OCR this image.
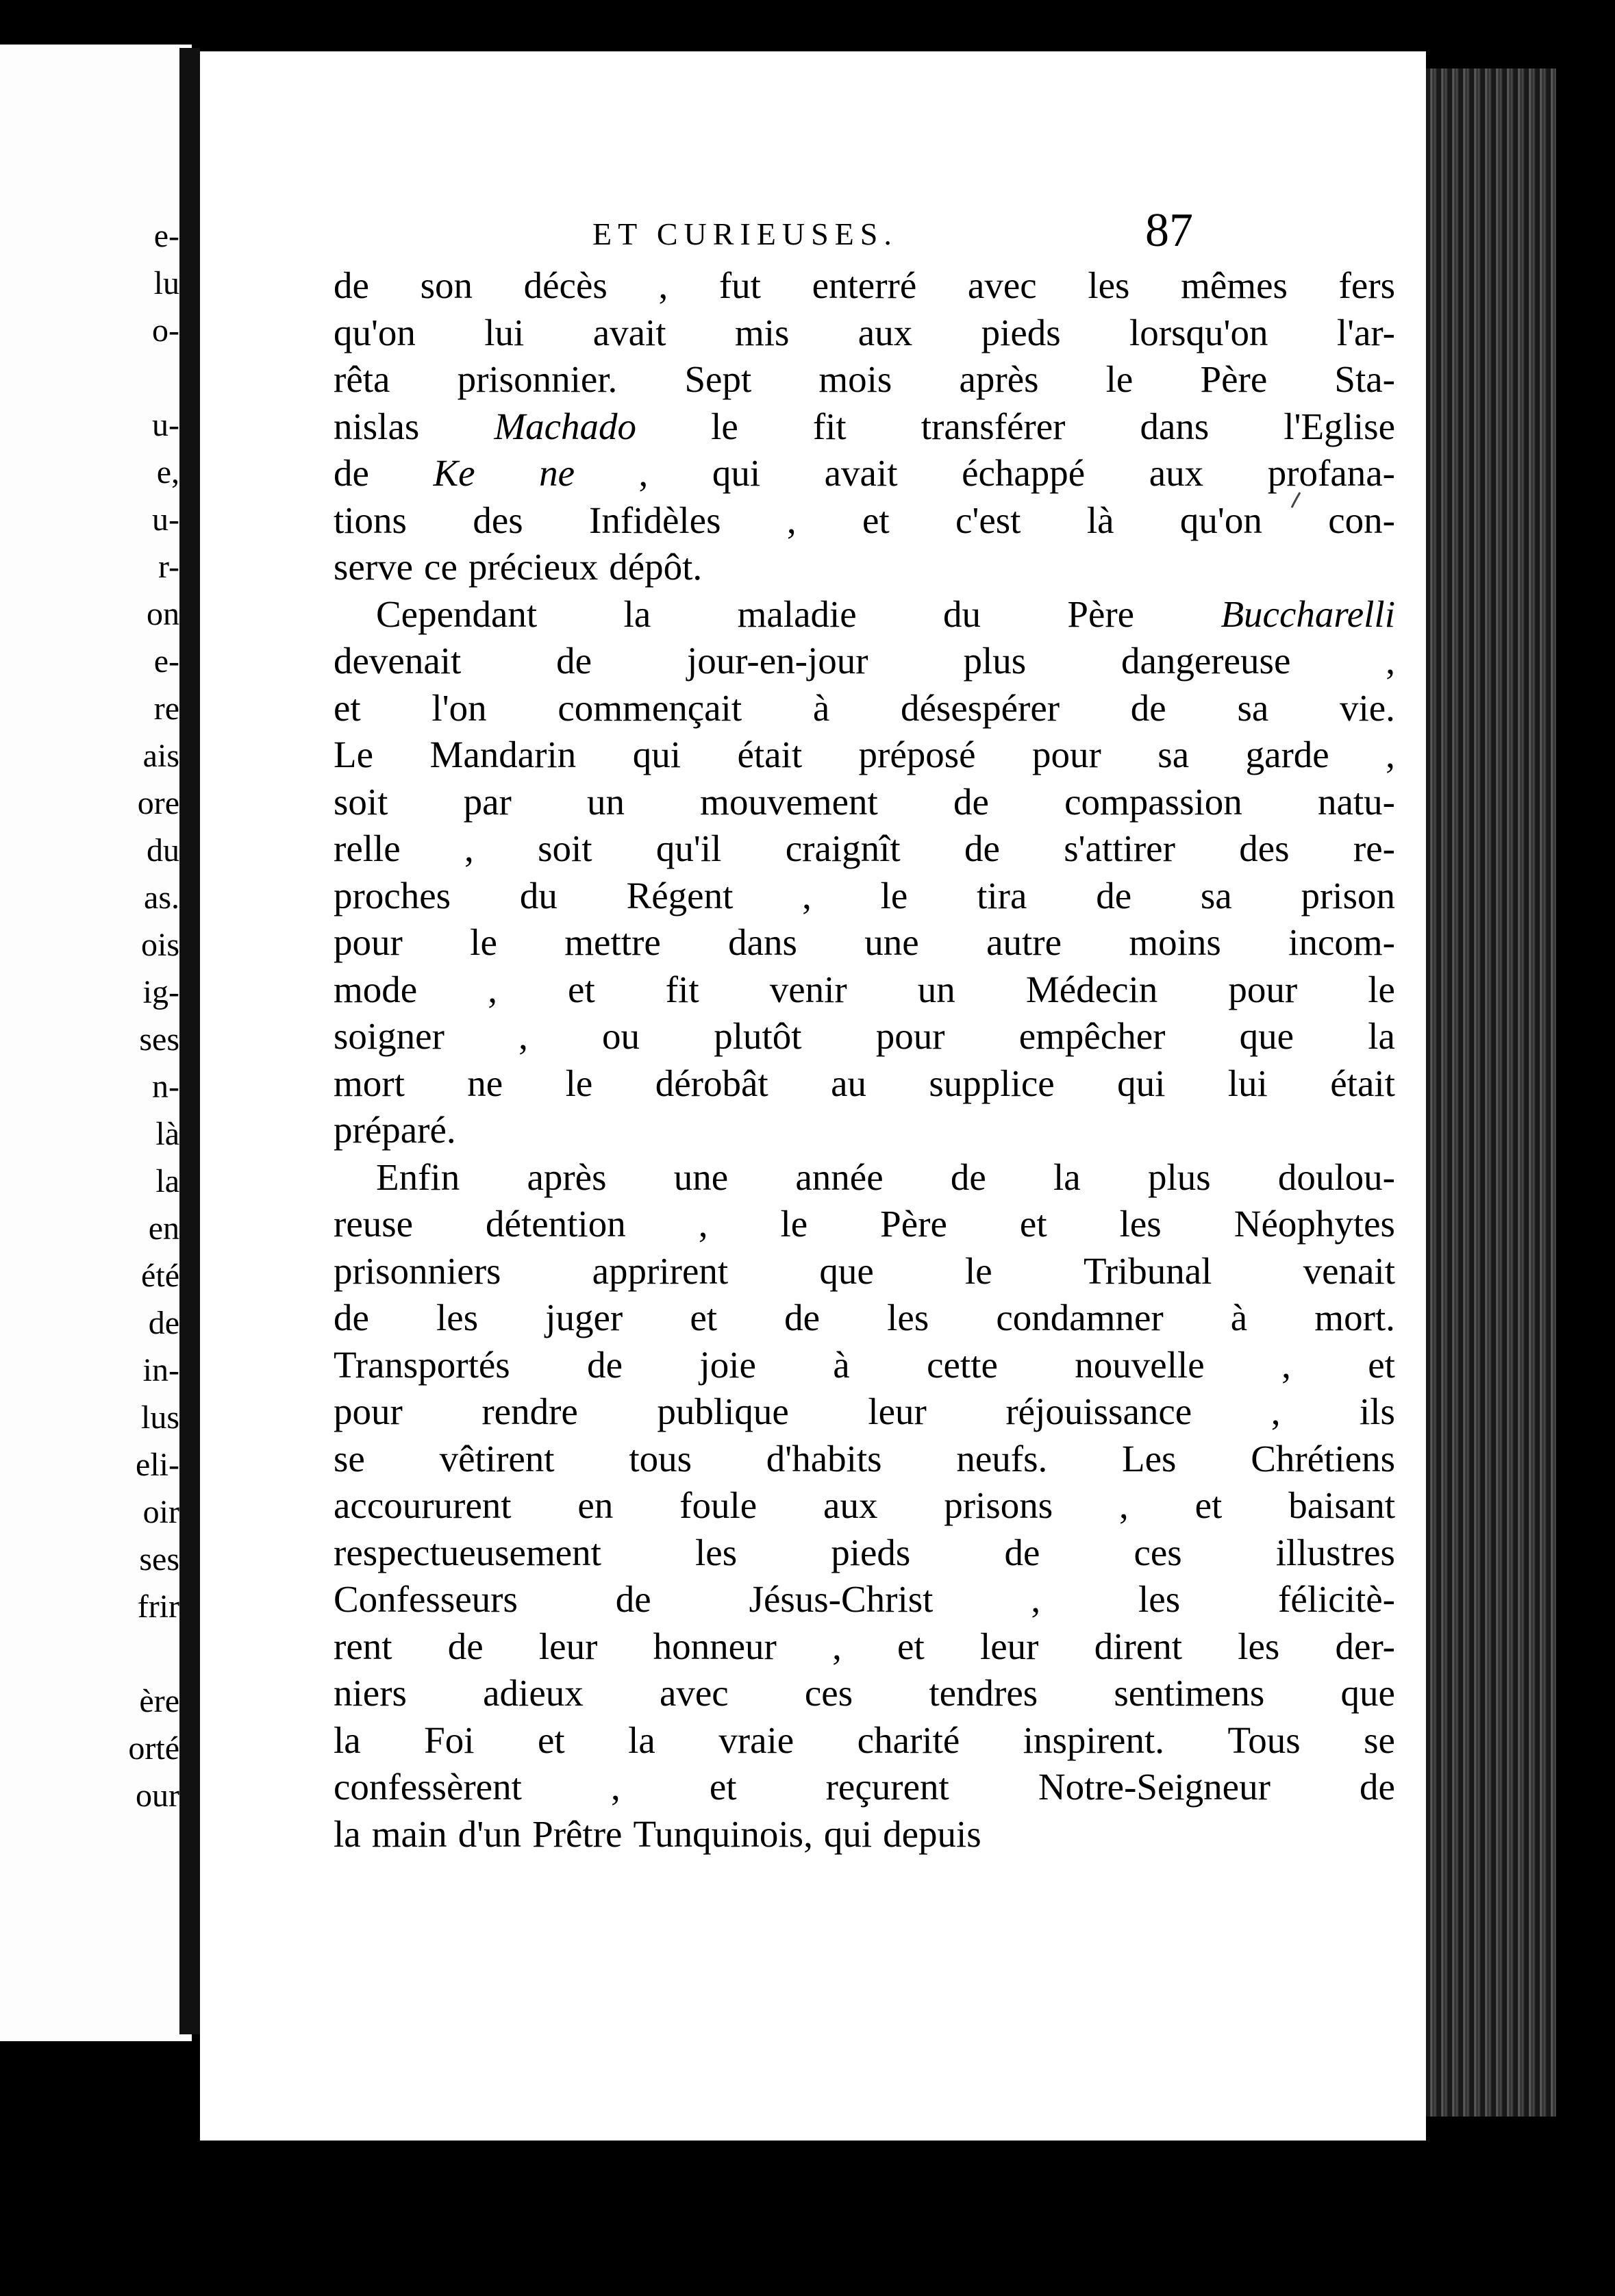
e-
lu
o-
u-
e,
u-
r-
on
e-
re
ais
ore
du
as.
ois
ig-
ses
n-
là
la
en
été
de
in-
lus
eli-
oir
ses
frir
ère
orté
our
ET CURIEUSES.	87
de son décès , fut enterré avec les mêmes fers
qu'on lui avait mis aux pieds lorsqu'on l'ar-
rêta prisonnier. Sept mois après le Père Sta-
nislas Machado le fit transférer dans l'Eglise
de Ke ne , qui avait échappé aux profana-
tions des Infidèles , et c'est là qu'on con-
serve ce précieux dépôt.
Cependant la maladie du Père Buccharelli
devenait	de	jour-en-jour	plus	dangereuse	,
et l'on commençait à désespérer de sa vie.
Le Mandarin qui était préposé pour sa garde ,
soit par un mouvement de compassion natu-
relle , soit qu'il craignît de s'attirer des re-
proches du Régent , le tira de sa prison
pour le mettre dans une autre moins incom-
mode , et fit venir un Médecin pour le
soigner , ou plutôt pour empêcher que la
mort ne le dérobât au supplice qui lui était
préparé.
Enfin après une année de la plus doulou-
reuse détention , le Père et les Néophytes
prisonniers apprirent que le Tribunal venait
de les juger et de les condamner à mort.
Transportés de joie à cette nouvelle , et
pour rendre publique leur réjouissance , ils
se vêtirent tous d'habits neufs. Les Chrétiens
accoururent en foule aux prisons , et baisant
respectueusement les pieds de ces illustres
Confesseurs	de	Jésus-Christ	,	les	félicitè-
rent de leur honneur , et leur dirent les der-
niers adieux avec ces tendres sentimens que
la Foi et la vraie charité inspirent. Tous se
confessèrent , et reçurent Notre-Seigneur de
la main d'un Prêtre Tunquinois, qui depuis
